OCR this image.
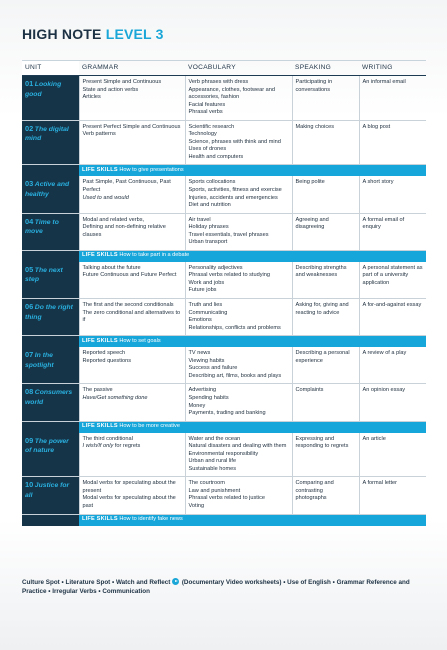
HIGH NOTE LEVEL 3
UNIT	GRAMMAR	VOCABULARY	SPEAKING	WRITING
01 Looking good	Present Simple and Continuous
State and action verbs
Articles	Verb phrases with dress
Appearance, clothes, footwear and accessories, fashion
Facial features
Phrasal verbs	Participating in conversations	An informal email

02 The digital mind	Present Perfect Simple and Continuous
Verb patterns	Scientific research
Technology
Science, phrases with think and mind
Uses of drones
Health and computers	Making choices	A blog post

	LIFE SKILLS How to give presentations			
03 Active and healthy	Past Simple, Past Continuous, Past Perfect
Used to and would	Sports collocations
Sports, activities, fitness and exercise
Injuries, accidents and emergencies
Diet and nutrition	Being polite	A short story

04 Time to move	Modal and related verbs,
Defining and non-defining relative clauses	Air travel
Holiday phrases
Travel essentials, travel phrases
Urban transport	Agreeing and disagreeing	A formal email of enquiry

	LIFE SKILLS How to take part in a debate			
05 The next step	Talking about the future
Future Continuous and Future Perfect	Personality adjectives
Phrasal verbs related to studying
Work and jobs
Future jobs	Describing strengths and weaknesses	A personal statement as part of a university application

06 Do the right thing	The first and the second conditionals
The zero conditional and alternatives to if	Truth and lies
Communicating
Emotions
Relationships, conflicts and problems	Asking for, giving and reacting to advice	A for-and-against essay

	LIFE SKILLS How to set goals			
07 In the spotlight	Reported speech
Reported questions	TV news
Viewing habits
Success and failure
Describing art, films, books and plays	Describing a personal experience	A review of a play

08 Consumers world	The passive
Have/Get something done	Advertising
Spending habits
Money
Payments, trading and banking	Complaints	An opinion essay

	LIFE SKILLS How to be more creative			
09 The power of nature	The third conditional
I wish/If only for regrets	Water and the ocean
Natural disasters and dealing with them
Environmental responsibility
Urban and rural life
Sustainable homes	Expressing and responding to regrets	An article

10 Justice for all	Modal verbs for speculating about the present
Modal verbs for speculating about the past	The courtroom
Law and punishment
Phrasal verbs related to justice
Voting	Comparing and contrasting photographs	A formal letter

	LIFE SKILLS How to identify fake news			
Culture Spot • Literature Spot • Watch and Reflect (Documentary Video worksheets) • Use of English • Grammar Reference and Practice • Irregular Verbs • Communication
